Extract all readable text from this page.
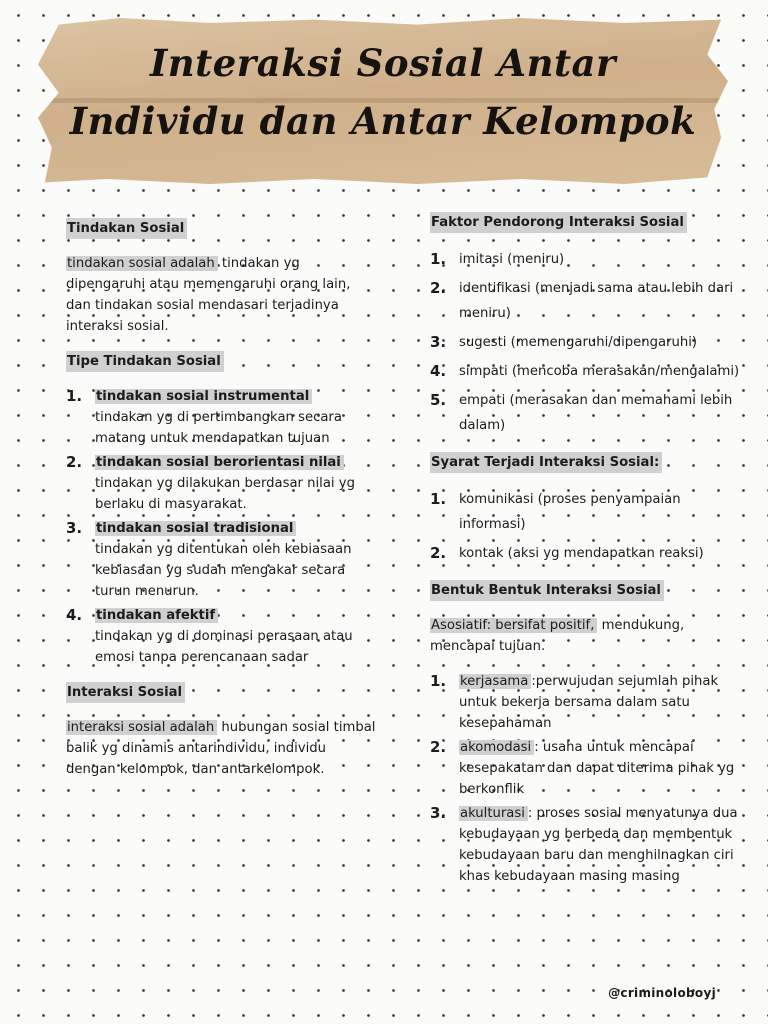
Interaksi Sosial Antar
Individu dan Antar Kelompok
Tindakan Sosial
tindakan sosial adalah tindakan yg dipengaruhi atau memengaruhi orang lain, dan tindakan sosial mendasari terjadinya interaksi sosial.
Tipe Tindakan Sosial
1. tindakan sosial instrumental
tindakan yg di pertimbangkan secara matang untuk mendapatkan tujuan
2. tindakan sosial berorientasi nilai
tindakan yg dilakukan berdasar nilai yg berlaku di masyarakat.
3. tindakan sosial tradisional
tindakan yg ditentukan oleh kebiasaan kebiasaan yg sudah mengakar secara turun menurun.
4. tindakan afektif
tindakan yg di dominasi perasaan atau emosi tanpa perencanaan sadar
Interaksi Sosial
interaksi sosial adalah hubungan sosial timbal balik yg dinamis antarindividu, individu dengan kelompok, dan antarkelompok.
Faktor Pendorong Interaksi Sosial
1. imitasi (meniru)
2. identifikasi (menjadi sama atau lebih dari meniru)
3. sugesti (memengaruhi/dipengaruhi)
4. simpati (mencoba merasakan/mengalami)
5. empati (merasakan dan memahami lebih dalam)
Syarat Terjadi Interaksi Sosial:
1. komunikasi (proses penyampaian informasi)
2. kontak (aksi yg mendapatkan reaksi)
Bentuk Bentuk Interaksi Sosial
Asosiatif: bersifat positif, mendukung, mencapai tujuan.
1. kerjasama :perwujudan sejumlah pihak untuk bekerja bersama dalam satu kesepahaman
2. akomodasi : usaha untuk mencapai kesepakatan dan dapat diterima pihak yg berkonflik
3. akulturasi : proses sosial menyatunya dua kebudayaan yg berbeda dan membentuk kebudayaan baru dan menghilnagkan ciri khas kebudayaan masing masing
@criminoloboyj
